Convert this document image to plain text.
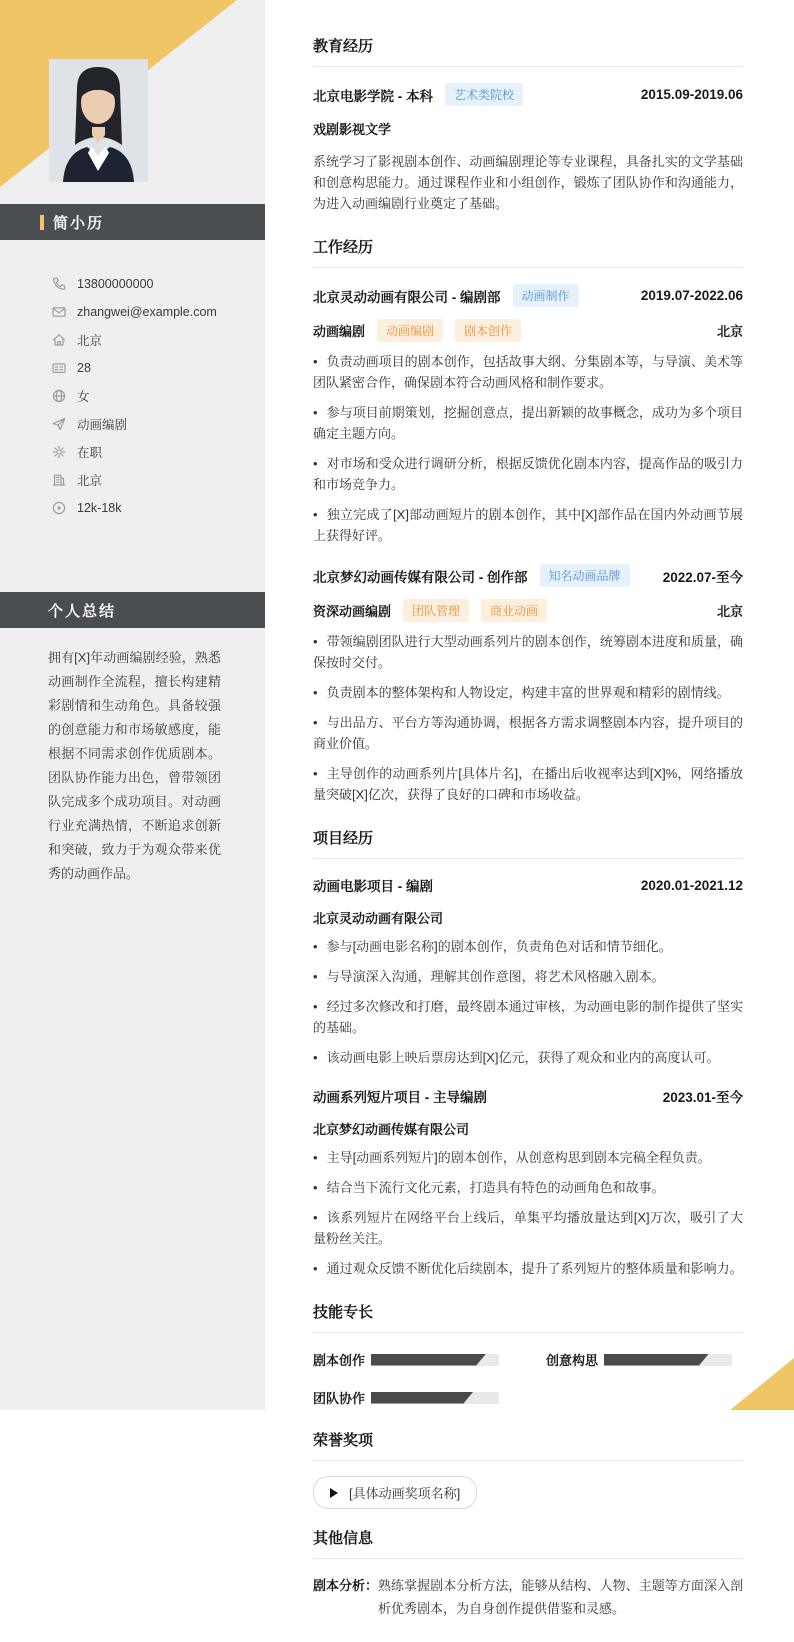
简小历
13800000000
zhangwei@example.com
北京
28
女
动画编剧
在职
北京
12k-18k
个人总结
拥有[X]年动画编剧经验，熟悉动画制作全流程，擅长构建精彩剧情和生动角色。具备较强的创意能力和市场敏感度，能根据不同需求创作优质剧本。团队协作能力出色，曾带领团队完成多个成功项目。对动画行业充满热情，不断追求创新和突破，致力于为观众带来优秀的动画作品。
教育经历
北京电影学院 - 本科	艺术类院校	2015.09-2019.06
戏剧影视文学
系统学习了影视剧本创作、动画编剧理论等专业课程，具备扎实的文学基础和创意构思能力。通过课程作业和小组创作，锻炼了团队协作和沟通能力，为进入动画编剧行业奠定了基础。
工作经历
北京灵动动画有限公司 - 编剧部	动画制作	2019.07-2022.06
动画编剧	动画编剧	剧本创作	北京

• 负责动画项目的剧本创作，包括故事大纲、分集剧本等，与导演、美术等团队紧密合作，确保剧本符合动画风格和制作要求。

• 参与项目前期策划，挖掘创意点，提出新颖的故事概念，成功为多个项目确定主题方向。

• 对市场和受众进行调研分析，根据反馈优化剧本内容，提高作品的吸引力和市场竞争力。

• 独立完成了[X]部动画短片的剧本创作，其中[X]部作品在国内外动画节展上获得好评。

北京梦幻动画传媒有限公司 - 创作部	知名动画品牌	2022.07-至今
资深动画编剧	团队管理	商业动画	北京

• 带领编剧团队进行大型动画系列片的剧本创作，统筹剧本进度和质量，确保按时交付。

• 负责剧本的整体架构和人物设定，构建丰富的世界观和精彩的剧情线。

• 与出品方、平台方等沟通协调，根据各方需求调整剧本内容，提升项目的商业价值。

• 主导创作的动画系列片[具体片名]，在播出后收视率达到[X]%，网络播放量突破[X]亿次，获得了良好的口碑和市场收益。

项目经历
动画电影项目 - 编剧	2020.01-2021.12
北京灵动动画有限公司

• 参与[动画电影名称]的剧本创作，负责角色对话和情节细化。

• 与导演深入沟通，理解其创作意图，将艺术风格融入剧本。

• 经过多次修改和打磨，最终剧本通过审核，为动画电影的制作提供了坚实的基础。

• 该动画电影上映后票房达到[X]亿元，获得了观众和业内的高度认可。

动画系列短片项目 - 主导编剧	2023.01-至今
北京梦幻动画传媒有限公司

• 主导[动画系列短片]的剧本创作，从创意构思到剧本完稿全程负责。

• 结合当下流行文化元素，打造具有特色的动画角色和故事。

• 该系列短片在网络平台上线后，单集平均播放量达到[X]万次，吸引了大量粉丝关注。

• 通过观众反馈不断优化后续剧本，提升了系列短片的整体质量和影响力。

技能专长
剧本创作	创意构思
团队协作
荣誉奖项
[具体动画奖项名称]
其他信息
剧本分析： 熟练掌握剧本分析方法，能够从结构、人物、主题等方面深入剖析优秀剧本，为自身创作提供借鉴和灵感。
